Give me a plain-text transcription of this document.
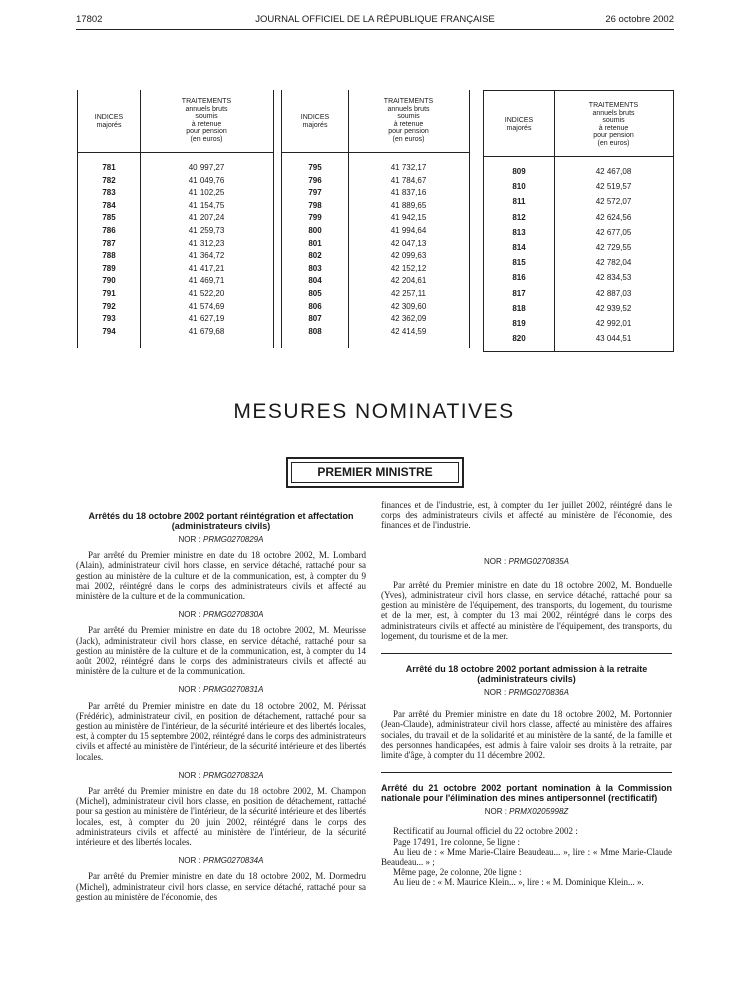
17802	JOURNAL OFFICIEL DE LA RÉPUBLIQUE FRANÇAISE	26 octobre 2002
INDICES
majorés
TRAITEMENTS
annuels bruts
soumis
à retenue
pour pension
(en euros)
781	40 997,27
782	41 049,76
783	41 102,25
784	41 154,75
785	41 207,24
786	41 259,73
787	41 312,23
788	41 364,72
789	41 417,21
790	41 469,71
791	41 522,20
792	41 574,69
793	41 627,19
794	41 679,68
INDICES
majorés
TRAITEMENTS
annuels bruts
soumis
à retenue
pour pension
(en euros)
795	41 732,17
796	41 784,67
797	41 837,16
798	41 889,65
799	41 942,15
800	41 994,64
801	42 047,13
802	42 099,63
803	42 152,12
804	42 204,61
805	42 257,11
806	42 309,60
807	42 362,09
808	42 414,59
INDICES
majorés
TRAITEMENTS
annuels bruts
soumis
à retenue
pour pension
(en euros)
809	42 467,08
810	42 519,57
811	42 572,07
812	42 624,56
813	42 677,05
814	42 729,55
815	42 782,04
816	42 834,53
817	42 887,03
818	42 939,52
819	42 992,01
820	43 044,51
MESURES NOMINATIVES
PREMIER MINISTRE
Arrêtés du 18 octobre 2002 portant réintégration et affectation (administrateurs civils)
NOR : PRMG0270829A

Par arrêté du Premier ministre en date du 18 octobre 2002, M. Lombard (Alain), administrateur civil hors classe, en service détaché, rattaché pour sa gestion au ministère de la culture et de la communication, est, à compter du 9 mai 2002, réintégré dans le corps des administrateurs civils et affecté au ministère de la culture et de la communication.

NOR : PRMG0270830A

Par arrêté du Premier ministre en date du 18 octobre 2002, M. Meurisse (Jack), administrateur civil hors classe, en service détaché, rattaché pour sa gestion au ministère de la culture et de la communication, est, à compter du 14 août 2002, réintégré dans le corps des administrateurs civils et affecté au ministère de la culture et de la communication.

NOR : PRMG0270831A

Par arrêté du Premier ministre en date du 18 octobre 2002, M. Périssat (Frédéric), administrateur civil, en position de détachement, rattaché pour sa gestion au ministère de l'intérieur, de la sécurité intérieure et des libertés locales, est, à compter du 15 septembre 2002, réintégré dans le corps des administrateurs civils et affecté au ministère de l'intérieur, de la sécurité intérieure et des libertés locales.

NOR : PRMG0270832A

Par arrêté du Premier ministre en date du 18 octobre 2002, M. Champon (Michel), administrateur civil hors classe, en position de détachement, rattaché pour sa gestion au ministère de l'intérieur, de la sécurité intérieure et des libertés locales, est, à compter du 20 juin 2002, réintégré dans le corps des administrateurs civils et affecté au ministère de l'intérieur, de la sécurité intérieure et des libertés locales.

NOR : PRMG0270834A

Par arrêté du Premier ministre en date du 18 octobre 2002, M. Dormedru (Michel), administrateur civil hors classe, en service détaché, rattaché pour sa gestion au ministère de l'économie, des

finances et de l'industrie, est, à compter du 1er juillet 2002, réintégré dans le corps des administrateurs civils et affecté au ministère de l'économie, des finances et de l'industrie.

NOR : PRMG0270835A

Par arrêté du Premier ministre en date du 18 octobre 2002, M. Bonduelle (Yves), administrateur civil hors classe, en service détaché, rattaché pour sa gestion au ministère de l'équipement, des transports, du logement, du tourisme et de la mer, est, à compter du 13 mai 2002, réintégré dans le corps des administrateurs civils et affecté au ministère de l'équipement, des transports, du logement, du tourisme et de la mer.

Arrêté du 18 octobre 2002 portant admission à la retraite (administrateurs civils)
NOR : PRMG0270836A

Par arrêté du Premier ministre en date du 18 octobre 2002, M. Portonnier (Jean-Claude), administrateur civil hors classe, affecté au ministère des affaires sociales, du travail et de la solidarité et au ministère de la santé, de la famille et des personnes handicapées, est admis à faire valoir ses droits à la retraite, par limite d'âge, à compter du 11 décembre 2002.

Arrêté du 21 octobre 2002 portant nomination à la Commission nationale pour l'élimination des mines antipersonnel (rectificatif)
NOR : PRMX0205998Z

Rectificatif au Journal officiel du 22 octobre 2002 :

Page 17491, 1re colonne, 5e ligne :

Au lieu de : « Mme Marie-Claire Beaudeau... », lire : « Mme Marie-Claude Beaudeau... » ;

Même page, 2e colonne, 20e ligne :

Au lieu de : « M. Maurice Klein... », lire : « M. Dominique Klein... ».
